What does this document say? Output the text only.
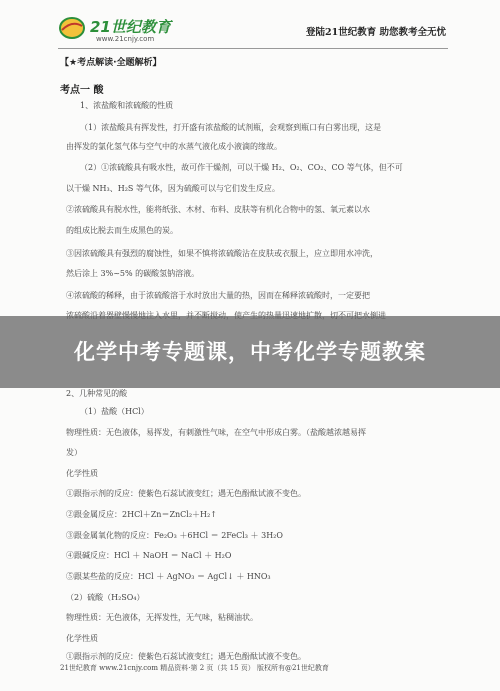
21世纪教育
www.21cnjy.com
登陆21世纪教育 助您教考全无忧
【★考点解读·全题解析】
考点一 酸
1、浓盐酸和浓硫酸的性质
（1）浓盐酸具有挥发性，打开盛有浓盐酸的试剂瓶，会观察到瓶口有白雾出现，这是
由挥发的氯化氢气体与空气中的水蒸气液化成小液滴的缘故。
（2）①浓硫酸具有吸水性，故可作干燥剂，可以干燥 H₂、O₂、CO₂、CO 等气体，但不可
以干燥 NH₃、H₂S 等气体，因为硫酸可以与它们发生反应。
②浓硫酸具有脱水性，能将纸张、木材、布料、皮肤等有机化合物中的氢、氧元素以水
的组成比脱去而生成黑色的炭。
③因浓硫酸具有强烈的腐蚀性，如果不慎将浓硫酸沾在皮肤或衣服上，应立即用水冲洗，
然后涂上 3%~5% 的碳酸氢钠溶液。
④浓硫酸的稀释，由于浓硫酸溶于水时放出大量的热，因而在稀释浓硫酸时，一定要把
2、几种常见的酸
（1）盐酸（HCl）
物理性质：无色液体，易挥发，有刺激性气味，在空气中形成白雾。（盐酸越浓越易挥
发）
化学性质
①跟指示剂的反应：使紫色石蕊试液变红；遇无色酚酞试液不变色。
②跟金属反应：2HCl＋Zn＝ZnCl₂＋H₂↑
③跟金属氧化物的反应：Fe₂O₃ ＋6HCl ＝ 2FeCl₃ ＋ 3H₂O
④跟碱反应：HCl ＋ NaOH ＝ NaCl ＋ H₂O
⑤跟某些盐的反应：HCl ＋ AgNO₃ ＝ AgCl↓ ＋ HNO₃
（2）硫酸（H₂SO₄）
物理性质：无色液体，无挥发性，无气味，粘稠油状。
化学性质
①跟指示剂的反应：使紫色石蕊试液变红；遇无色酚酞试液不变色。
化学中考专题课，中考化学专题教案
21世纪教育 www.21cnjy.com 精品资料·第 2 页（共 15 页） 版权所有@21世纪教育
